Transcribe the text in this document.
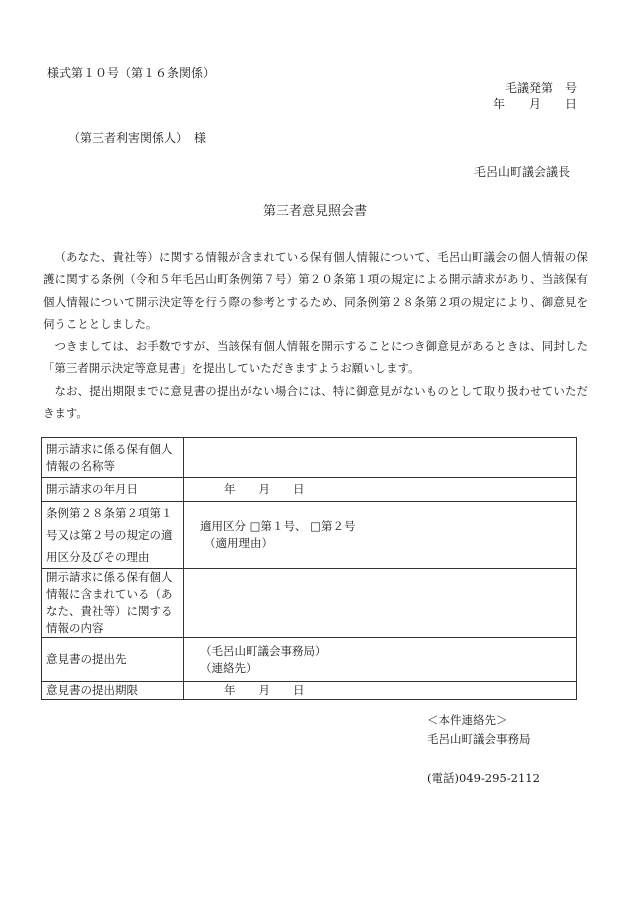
様式第１０号（第１６条関係）
毛議発第　号
年 月 日
（第三者利害関係人）　様
毛呂山町議会議長
第三者意見照会書

（あなた、貴社等）に関する情報が含まれている保有個人情報について、毛呂山町議会の個人情報の保護に関する条例（令和５年毛呂山町条例第７号）第２０条第１項の規定による開示請求があり、当該保有個人情報について開示決定等を行う際の参考とするため、同条例第２８条第２項の規定により、御意見を伺うこととしました。

つきましては、お手数ですが、当該保有個人情報を開示することにつき御意見があるときは、同封した「第三者開示決定等意見書」を提出していただきますようお願いします。

なお、提出期限までに意見書の提出がない場合には、特に御意見がないものとして取り扱わせていただきます。

開示請求に係る保有個人情報の名称等	
開示請求の年月日	年　　月　　日
条例第２８条第２項第１号又は第２号の規定の適用区分及びその理由	適用区分 □第１号、 □第２号
（適用理由）

開示請求に係る保有個人情報に含まれている（あなた、貴社等）に関する情報の内容	
意見書の提出先	（毛呂山町議会事務局）
（連絡先）

意見書の提出期限	年　　月　　日
＜本件連絡先＞
毛呂山町議会事務局
(電話)049-295-2112
